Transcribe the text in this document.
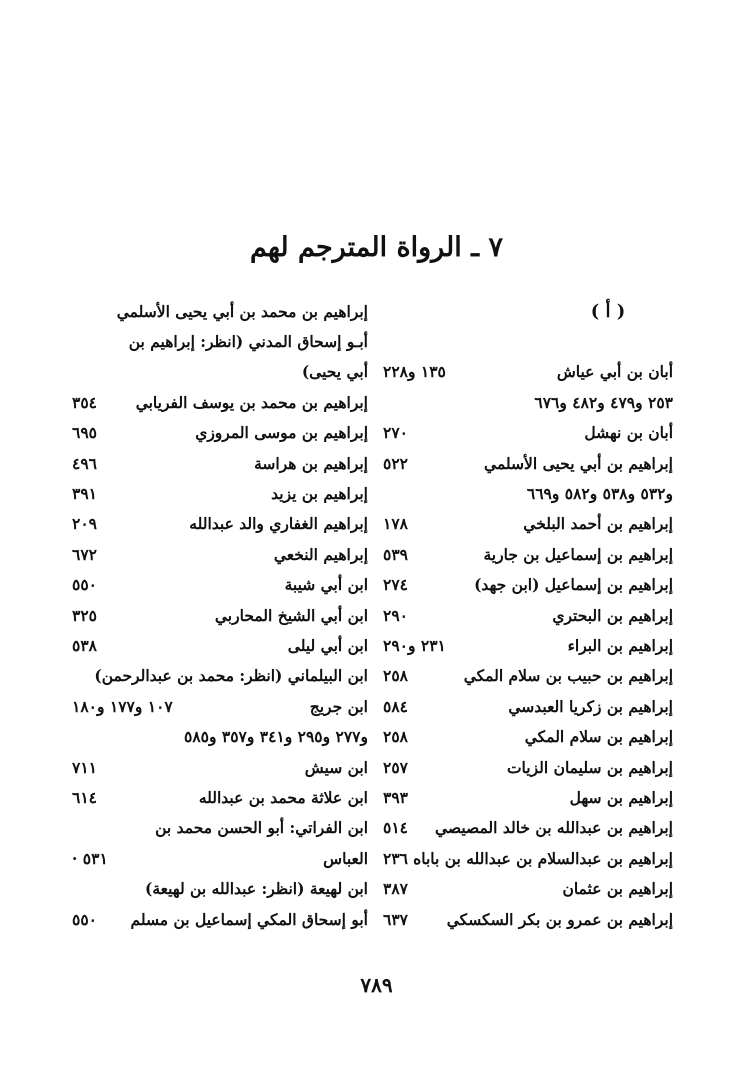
٧ ـ الرواة المترجم لهم
( أ )
أبان بن أبي عياش
١٣٥ و٢٢٨
٢٥٣ و٤٧٩ و٤٨٢ و٦٧٦
أبان بن نهشل
٢٧٠
إبراهيم بن أبي يحيى الأسلمي
٥٢٢
و٥٣٢ و٥٣٨ و٥٨٢ و٦٦٩
إبراهيم بن أحمد البلخي
١٧٨
إبراهيم بن إسماعيل بن جارية
٥٣٩
إبراهيم بن إسماعيل (ابن جهد)
٢٧٤
إبراهيم بن البحتري
٢٩٠
إبراهيم بن البراء
٢٣١ و٢٩٠
إبراهيم بن حبيب بن سلام المكي
٢٥٨
إبراهيم بن زكريا العبدسي
٥٨٤
إبراهيم بن سلام المكي
٢٥٨
إبراهيم بن سليمان الزيات
٢٥٧
إبراهيم بن سهل
٣٩٣
إبراهيم بن عبدالله بن خالد المصيصي
٥١٤
إبراهيم بن عبدالسلام بن عبدالله بن باباه
٢٣٦
إبراهيم بن عثمان
٣٨٧
إبراهيم بن عمرو بن بكر السكسكي
٦٣٧
إبراهيم بن محمد بن أبي يحيى الأسلمي
أبـو إسحاق المدني (انظر: إبراهيم بن
أبي يحيى)
إبراهيم بن محمد بن يوسف الفريابي
٣٥٤
إبراهيم بن موسى المروزي
٦٩٥
إبراهيم بن هراسة
٤٩٦
إبراهيم بن يزيد
٣٩١
إبراهيم الغفاري والد عبدالله
٢٠٩
إبراهيم النخعي
٦٧٢
ابن أبي شيبة
٥٥٠
ابن أبي الشيخ المحاربي
٣٢٥
ابن أبي ليلى
٥٣٨
ابن البيلماني (انظر: محمد بن عبدالرحمن)
ابن جريج
١٠٧ و١٧٧ و١٨٠
و٢٧٧ و٢٩٥ و٣٤١ و٣٥٧ و٥٨٥
ابن سيش
٧١١
ابن علاثة محمد بن عبدالله
٦١٤
ابن الفراتي: أبو الحسن محمد بن
العباس
٥٣١ ·
ابن لهيعة (انظر: عبدالله بن لهيعة)
أبو إسحاق المكي إسماعيل بن مسلم
٥٥٠
٧٨٩
